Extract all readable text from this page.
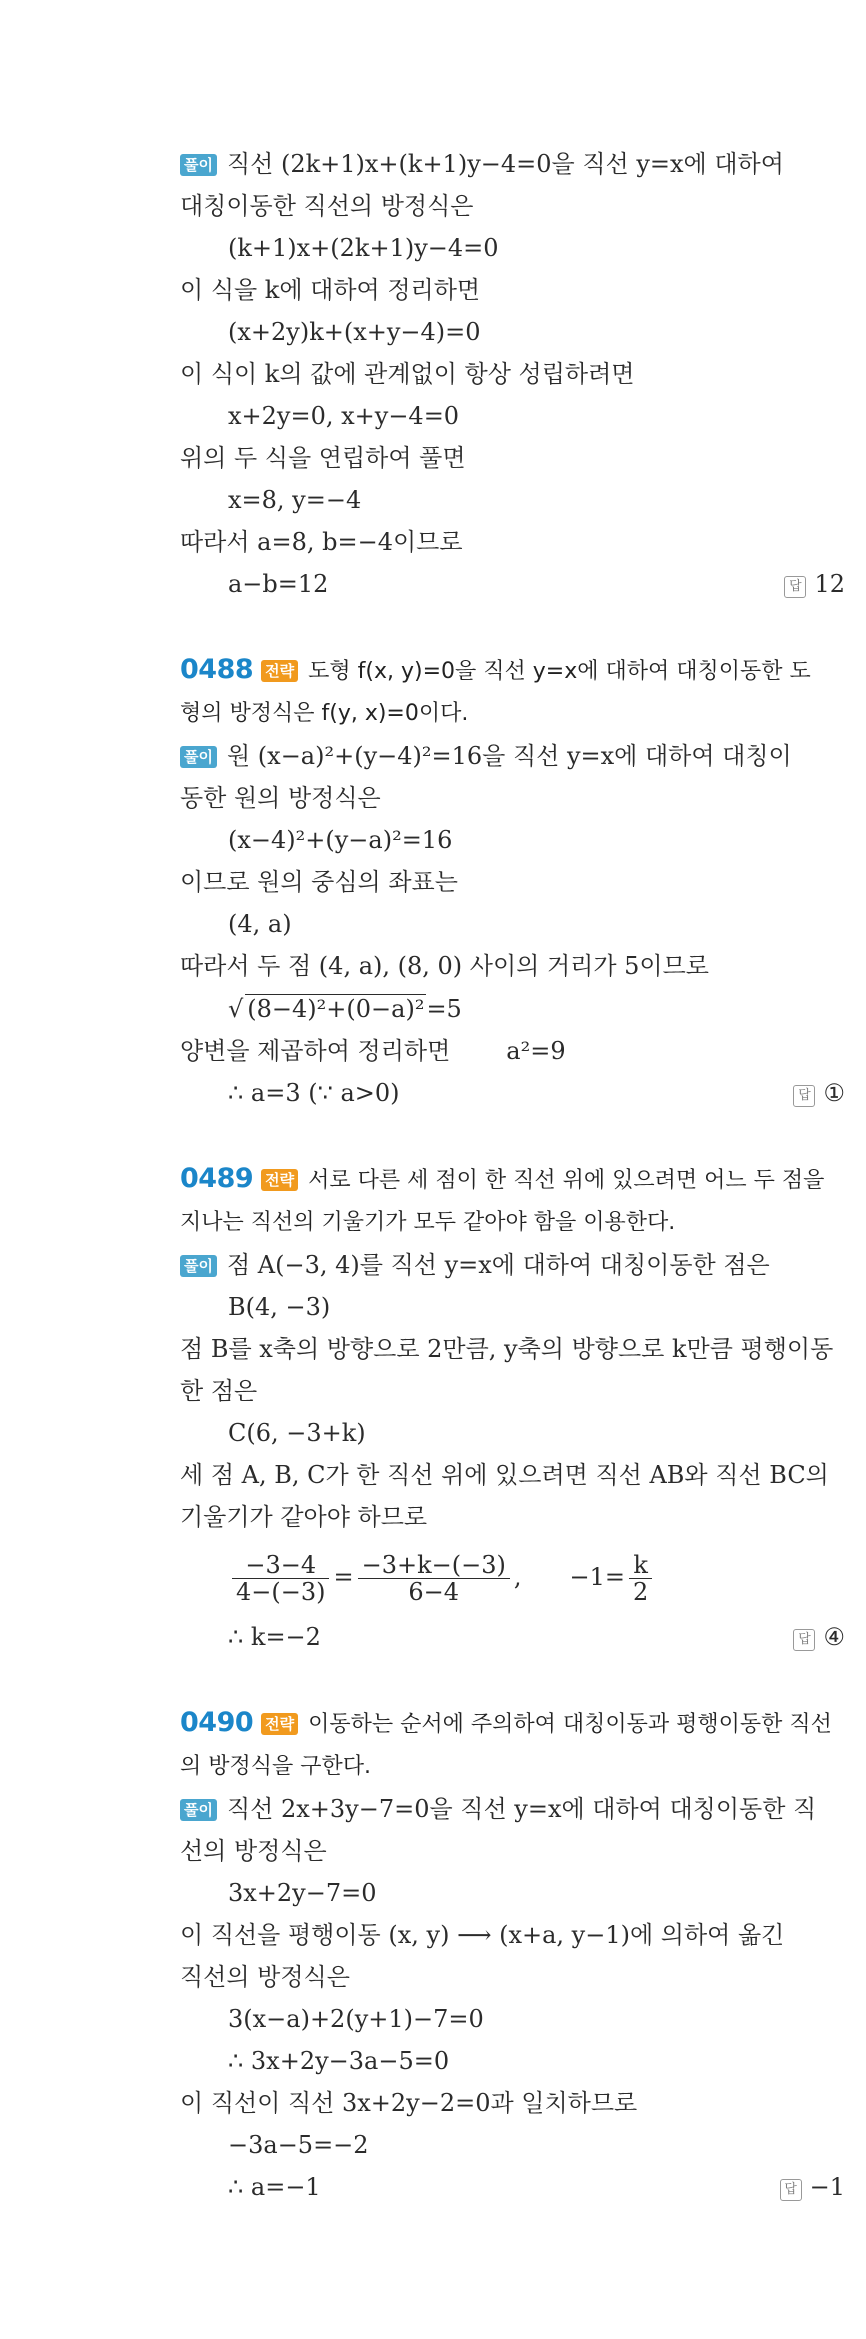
풀이 직선 (2k+1)x+(k+1)y−4=0을 직선 y=x에 대하여
대칭이동한 직선의 방정식은
(k+1)x+(2k+1)y−4=0
이 식을 k에 대하여 정리하면
(x+2y)k+(x+y−4)=0
이 식이 k의 값에 관계없이 항상 성립하려면
x+2y=0, x+y−4=0
위의 두 식을 연립하여 풀면
x=8, y=−4
따라서 a=8, b=−4이므로
a−b=12	답 12
0488 전략 도형 f(x, y)=0을 직선 y=x에 대하여 대칭이동한 도
형의 방정식은 f(y, x)=0이다.
풀이 원 (x−a)²+(y−4)²=16을 직선 y=x에 대하여 대칭이
동한 원의 방정식은
(x−4)²+(y−a)²=16
이므로 원의 중심의 좌표는
(4, a)
따라서 두 점 (4, a), (8, 0) 사이의 거리가 5이므로
√ (8−4)²+(0−a)²=5
양변을 제곱하여 정리하면 a²=9
∴ a=3 (∵ a>0)	답 ①
0489 전략 서로 다른 세 점이 한 직선 위에 있으려면 어느 두 점을
지나는 직선의 기울기가 모두 같아야 함을 이용한다.
풀이 점 A(−3, 4)를 직선 y=x에 대하여 대칭이동한 점은
B(4, −3)
점 B를 x축의 방향으로 2만큼, y축의 방향으로 k만큼 평행이동
한 점은
C(6, −3+k)
세 점 A, B, C가 한 직선 위에 있으려면 직선 AB와 직선 BC의
기울기가 같아야 하므로
$\frac{-3-4}{4-(-3)} = \frac{-3+k-(-3)}{6-4}$ , $-1= \frac{k}{2}$
∴ k=−2	답 ④
0490 전략 이동하는 순서에 주의하여 대칭이동과 평행이동한 직선
의 방정식을 구한다.
풀이 직선 2x+3y−7=0을 직선 y=x에 대하여 대칭이동한 직
선의 방정식은
3x+2y−7=0
이 직선을 평행이동 (x, y) ⟶ (x+a, y−1)에 의하여 옮긴
직선의 방정식은
3(x−a)+2(y+1)−7=0
∴ 3x+2y−3a−5=0
이 직선이 직선 3x+2y−2=0과 일치하므로
−3a−5=−2
∴ a=−1	답 −1
